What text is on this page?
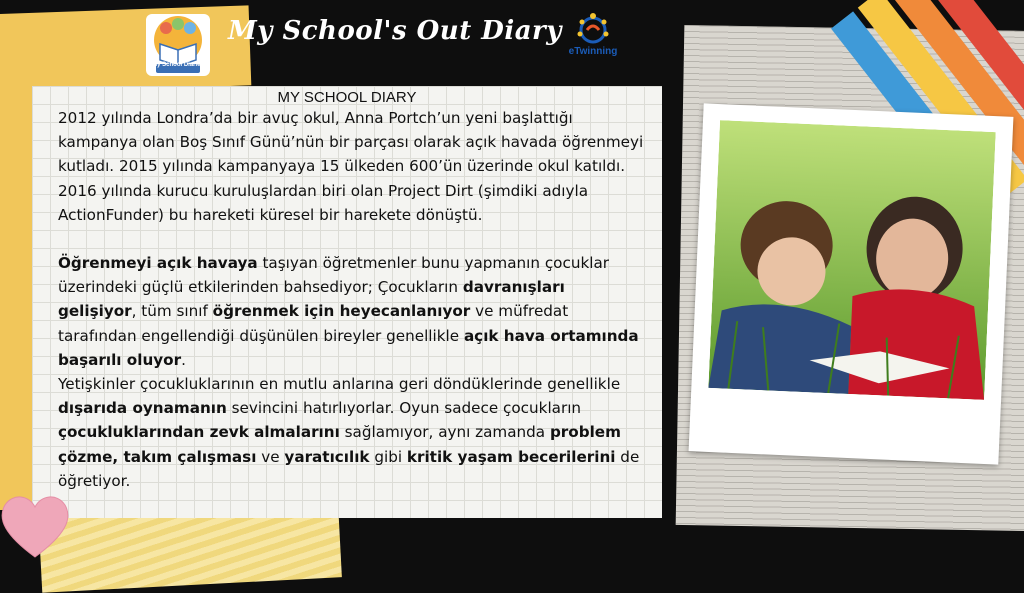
My School Diaries
My School's Out Diary
eTwinning
MY SCHOOL DIARY

2012 yılında Londra’da bir avuç okul, Anna Portch’un yeni başlattığı kampanya olan Boş Sınıf Günü’nün bir parçası olarak açık havada öğrenmeyi kutladı. 2015 yılında kampanyaya 15 ülkeden 600’ün üzerinde okul katıldı. 2016 yılında kurucu kuruluşlardan biri olan Project Dirt (şimdiki adıyla ActionFunder) bu hareketi küresel bir harekete dönüştü.

Öğrenmeyi açık havaya taşıyan öğretmenler bunu yapmanın çocuklar üzerindeki güçlü etkilerinden bahsediyor; Çocukların davranışları gelişiyor, tüm sınıf öğrenmek için heyecanlanıyor ve müfredat tarafından engellendiği düşünülen bireyler genellikle açık hava ortamında başarılı oluyor.

Yetişkinler çocukluklarının en mutlu anlarına geri döndüklerinde genellikle dışarıda oynamanın sevincini hatırlıyorlar. Oyun sadece çocukların çocukluklarından zevk almalarını sağlamıyor, aynı zamanda problem çözme, takım çalışması ve yaratıcılık gibi kritik yaşam becerilerini de öğretiyor.
